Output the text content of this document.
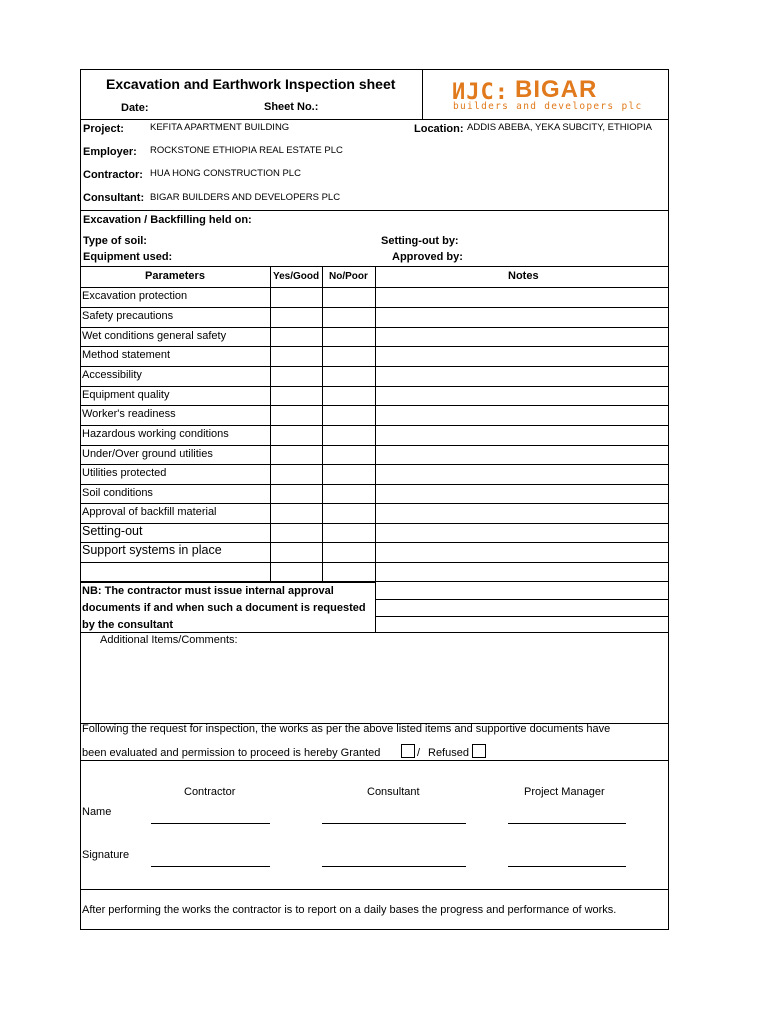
Excavation and Earthwork Inspection sheet
Date:	Sheet No.:
ИJC: BIGAR
builders and developers plc
Project:	KEFITA APARTMENT BUILDING	Location: ADDIS ABEBA, YEKA SUBCITY, ETHIOPIA
Employer: ROCKSTONE ETHIOPIA REAL ESTATE PLC
Contractor: HUA HONG CONSTRUCTION PLC
Consultant: BIGAR BUILDERS AND DEVELOPERS PLC
Excavation / Backfilling held on:
Type of soil:	Setting-out by:
Equipment used:	Approved by:
Parameters	Yes/Good No/Poor	Notes
Excavation protection
Safety precautions
Wet conditions general safety
Method statement
Accessibility
Equipment quality
Worker's readiness
Hazardous working conditions
Under/Over ground utilities
Utilities protected
Soil conditions
Approval of backfill material
Setting-out
Support systems in place
NB: The contractor must issue internal approval
documents if and when such a document is requested
by the consultant
Additional Items/Comments:
Following the request for inspection, the works as per the above listed items and supportive documents have
been evaluated and permission to proceed is hereby Granted	/ Refused
Contractor	Consultant	Project Manager
Name
Signature
After performing the works the contractor is to report on a daily bases the progress and performance of works.
